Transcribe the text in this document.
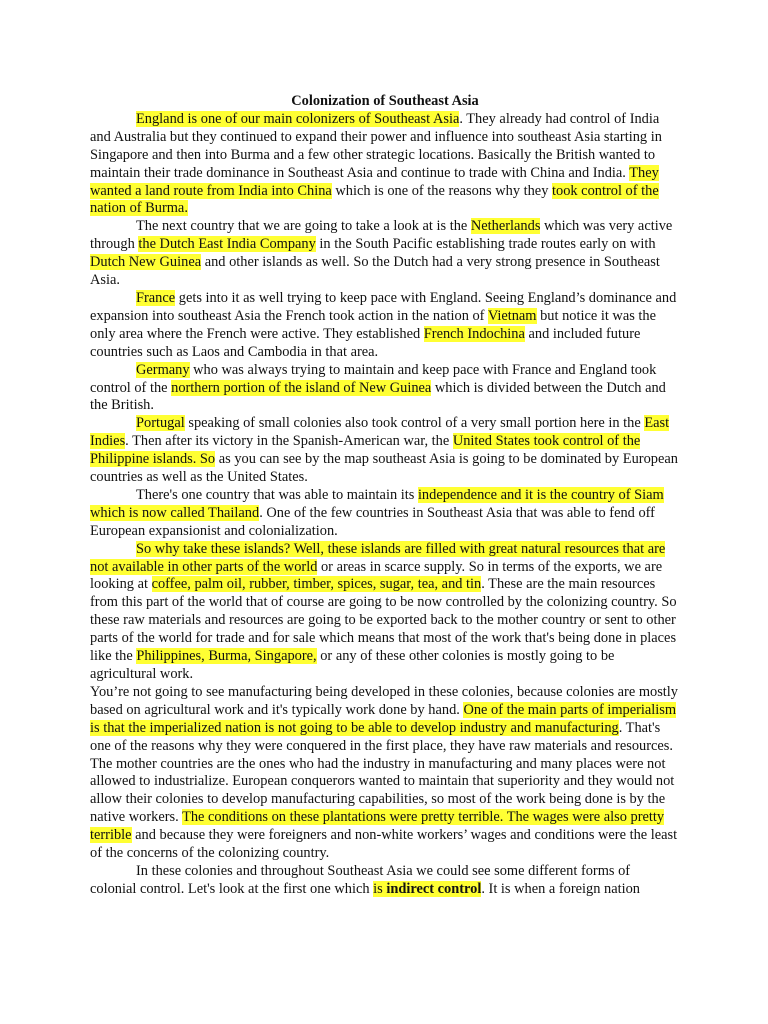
Colonization of Southeast Asia

England is one of our main colonizers of Southeast Asia. They already had control of India and Australia but they continued to expand their power and influence into southeast Asia starting in Singapore and then into Burma and a few other strategic locations. Basically the British wanted to maintain their trade dominance in Southeast Asia and continue to trade with China and India. They wanted a land route from India into China which is one of the reasons why they took control of the nation of Burma.

The next country that we are going to take a look at is the Netherlands which was very active through the Dutch East India Company in the South Pacific establishing trade routes early on with Dutch New Guinea and other islands as well. So the Dutch had a very strong presence in Southeast Asia.

France gets into it as well trying to keep pace with England. Seeing England’s dominance and expansion into southeast Asia the French took action in the nation of Vietnam but notice it was the only area where the French were active. They established French Indochina and included future countries such as Laos and Cambodia in that area.

Germany who was always trying to maintain and keep pace with France and England took control of the northern portion of the island of New Guinea which is divided between the Dutch and the British.

Portugal speaking of small colonies also took control of a very small portion here in the East Indies. Then after its victory in the Spanish-American war, the United States took control of the Philippine islands. So as you can see by the map southeast Asia is going to be dominated by European countries as well as the United States.

There's one country that was able to maintain its independence and it is the country of Siam which is now called Thailand. One of the few countries in Southeast Asia that was able to fend off European expansionist and colonialization.

So why take these islands? Well, these islands are filled with great natural resources that are not available in other parts of the world or areas in scarce supply. So in terms of the exports, we are looking at coffee, palm oil, rubber, timber, spices, sugar, tea, and tin. These are the main resources from this part of the world that of course are going to be now controlled by the colonizing country. So these raw materials and resources are going to be exported back to the mother country or sent to other parts of the world for trade and for sale which means that most of the work that's being done in places like the Philippines, Burma, Singapore, or any of these other colonies is mostly going to be agricultural work.

You’re not going to see manufacturing being developed in these colonies, because colonies are mostly based on agricultural work and it's typically work done by hand. One of the main parts of imperialism is that the imperialized nation is not going to be able to develop industry and manufacturing. That's one of the reasons why they were conquered in the first place, they have raw materials and resources. The mother countries are the ones who had the industry in manufacturing and many places were not allowed to industrialize. European conquerors wanted to maintain that superiority and they would not allow their colonies to develop manufacturing capabilities, so most of the work being done is by the native workers. The conditions on these plantations were pretty terrible. The wages were also pretty terrible and because they were foreigners and non-white workers’ wages and conditions were the least of the concerns of the colonizing country.

In these colonies and throughout Southeast Asia we could see some different forms of colonial control. Let's look at the first one which is indirect control. It is when a foreign nation
